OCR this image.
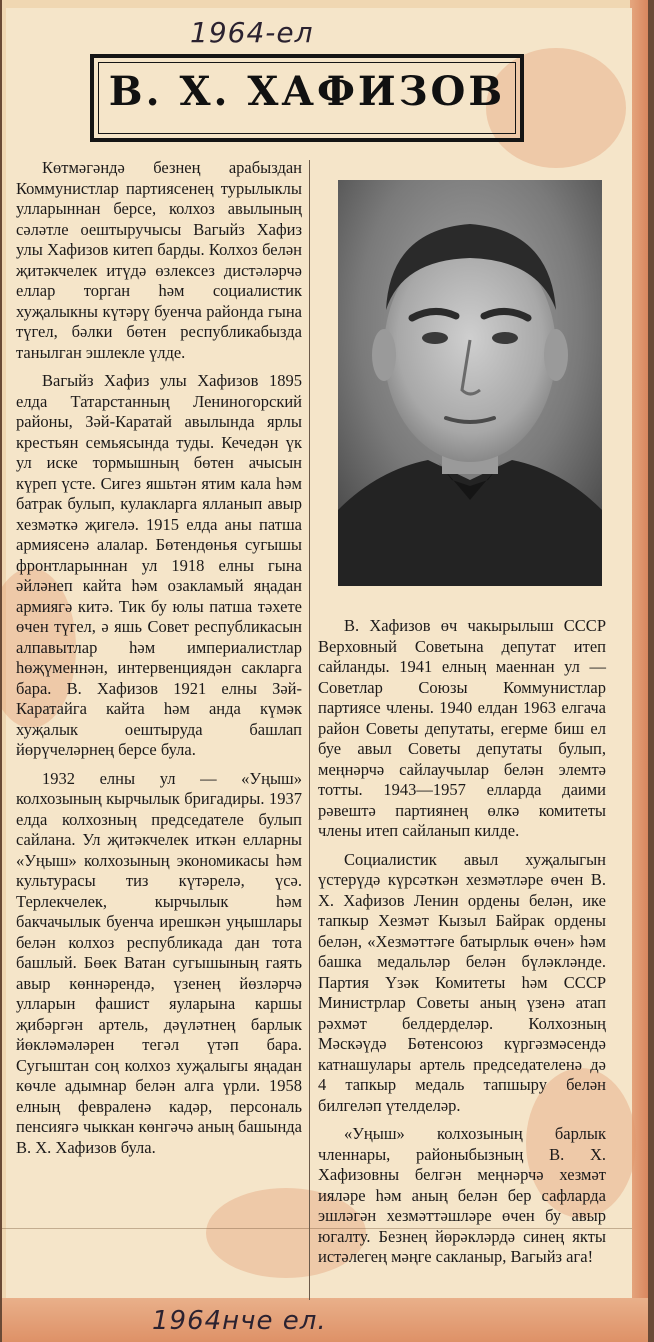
1964-ел
В. Х. ХАФИЗОВ

Көтмәгәндә безнең арабыздан Коммунистлар партиясенең турылыклы улларыннан берсе, колхоз авылының сәләтле оештыручысы Вагыйз Хафиз улы Хафизов китеп барды. Колхоз белән җитәкчелек итүдә өзлексез дистәләрчә еллар торган һәм социалистик хуҗалыкны күтәрү буенча районда гына түгел, бәлки бөтен республикабызда танылган эшлекле үлде.

Вагыйз Хафиз улы Хафизов 1895 елда Татарстанның Лениногорский районы, Зәй-Каратай авылында ярлы крестьян семьясында туды. Кечедән үк ул иске тормышның бөтен ачысын күреп үсте. Сигез яшьтән ятим кала һәм батрак булып, кулакларга ялланып авыр хезмәткә җигелә. 1915 елда аны патша армиясенә алалар. Бөтендөнья сугышы фронтларыннан ул 1918 елны гына әйләнеп кайта һәм озакламый яңадан армиягә китә. Тик бу юлы патша тәхете өчен түгел, ә яшь Совет республикасын алпавытлар һәм империалистлар һөҗүменнән, интервенциядән сакларга бара. В. Хафизов 1921 елны Зәй-Каратайга кайта һәм анда күмәк хуҗалык оештыруда башлап йөрүчеләрнең берсе була.

1932 елны ул — «Уңыш» колхозының кырчылык бригадиры. 1937 елда колхозның председателе булып сайлана. Ул җитәкчелек иткән елларны «Уңыш» колхозының экономикасы һәм культурасы тиз күтәрелә, үсә. Терлекчелек, кырчылык һәм бакчачылык буенча ирешкән уңышлары белән колхоз республикада дан тота башлый. Бөек Ватан сугышының гаять авыр көннәрендә, үзенең йөзләрчә улларын фашист яуларына каршы җибәргән артель, дәүләтнең барлык йөкләмәләрен тегәл үтәп бара. Сугыштан соң колхоз хуҗалыгы яңадан көчле адымнар белән алга үрли. 1958 елның февраленә кадәр, персональ пенсиягә чыккан көнгәчә аның башында В. Х. Хафизов була.

В. Хафизов өч чакырылыш СССР Верховный Советына депутат итеп сайланды. 1941 елның маеннан ул — Советлар Союзы Коммунистлар партиясе члены. 1940 елдан 1963 елгача район Советы депутаты, егерме биш ел буе авыл Советы депутаты булып, меңнәрчә сайлаучылар белән элемтә тотты. 1943—1957 елларда даими рәвештә партиянең өлкә комитеты члены итеп сайланып килде.

Социалистик авыл хуҗалыгын үстерүдә күрсәткән хезмәтләре өчен В. Х. Хафизов Ленин ордены белән, ике тапкыр Хезмәт Кызыл Байрак ордены белән, «Хезмәттәге батырлык өчен» һәм башка медальләр белән бүләкләнде. Партия Үзәк Комитеты һәм СССР Министрлар Советы аның үзенә атап рәхмәт белдерделәр. Колхозның Мәскәүдә Бөтенсоюз күргәзмәсендә катнашулары артель председателенә дә 4 тапкыр медаль тапшыру белән билгеләп үтелделәр.

«Уңыш» колхозының барлык членнары, районыбызның В. Х. Хафизовны белгән меңнәрчә хезмәт ияләре һәм аның белән бер сафларда эшләгән хезмәттәшләре өчен бу авыр югалту. Безнең йөрәкләрдә синең якты истәлегең мәңге сакланыр, Вагыйз ага!

1964нче ел.
